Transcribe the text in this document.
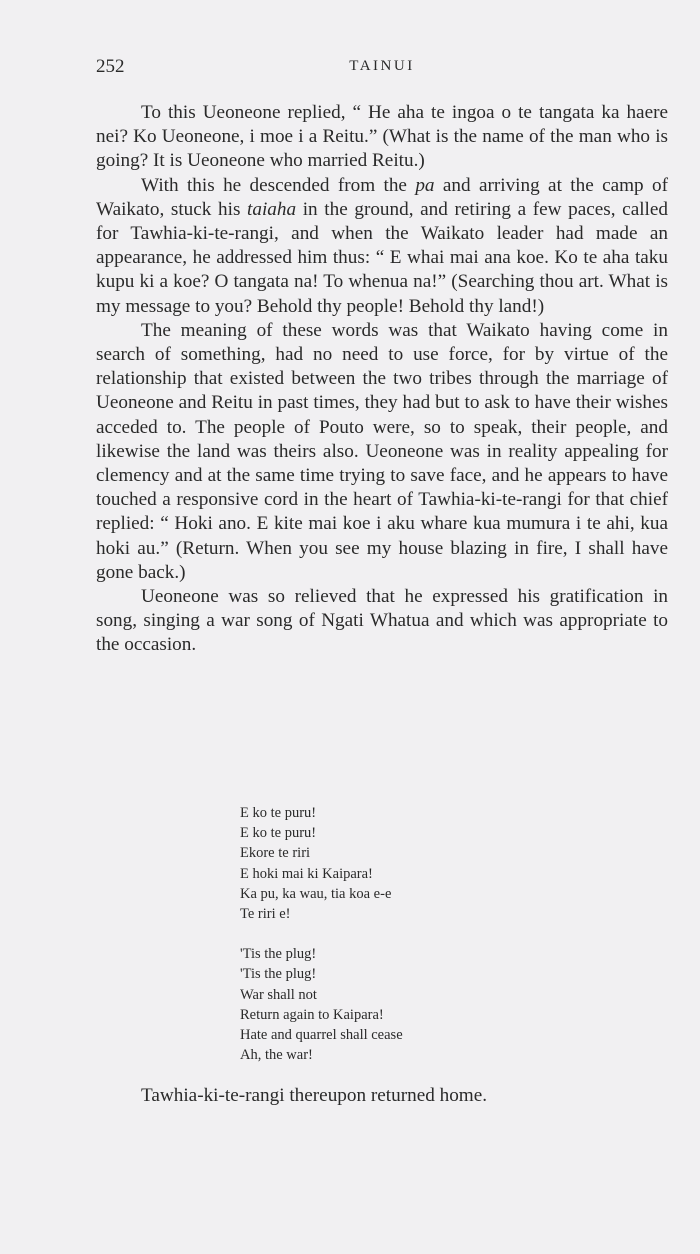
252	TAINUI

To this Ueoneone replied, “ He aha te ingoa o te tangata ka haere nei? Ko Ueoneone, i moe i a Reitu.” (What is the name of the man who is going? It is Ueoneone who married Reitu.)

With this he descended from the pa and arriving at the camp of Waikato, stuck his taiaha in the ground, and retiring a few paces, called for Tawhia-ki-te-rangi, and when the Waikato leader had made an appearance, he addressed him thus: “ E whai mai ana koe. Ko te aha taku kupu ki a koe? O tangata na! To whenua na!” (Searching thou art. What is my message to you? Behold thy people! Behold thy land!)

The meaning of these words was that Waikato having come in search of something, had no need to use force, for by virtue of the relationship that existed between the two tribes through the marriage of Ueoneone and Reitu in past times, they had but to ask to have their wishes acceded to. The people of Pouto were, so to speak, their people, and likewise the land was theirs also. Ueoneone was in reality appealing for clemency and at the same time trying to save face, and he appears to have touched a responsive cord in the heart of Tawhia-ki-te-rangi for that chief replied: “ Hoki ano. E kite mai koe i aku whare kua mumura i te ahi, kua hoki au.” (Return. When you see my house blazing in fire, I shall have gone back.)

Ueoneone was so relieved that he expressed his gratification in song, singing a war song of Ngati Whatua and which was appropriate to the occasion.

E ko te puru!
E ko te puru!
Ekore te riri
E hoki mai ki Kaipara!
Ka pu, ka wau, tia koa e-e
Te riri e!
'Tis the plug!
'Tis the plug!
War shall not
Return again to Kaipara!
Hate and quarrel shall cease
Ah, the war!
Tawhia-ki-te-rangi thereupon returned home.
